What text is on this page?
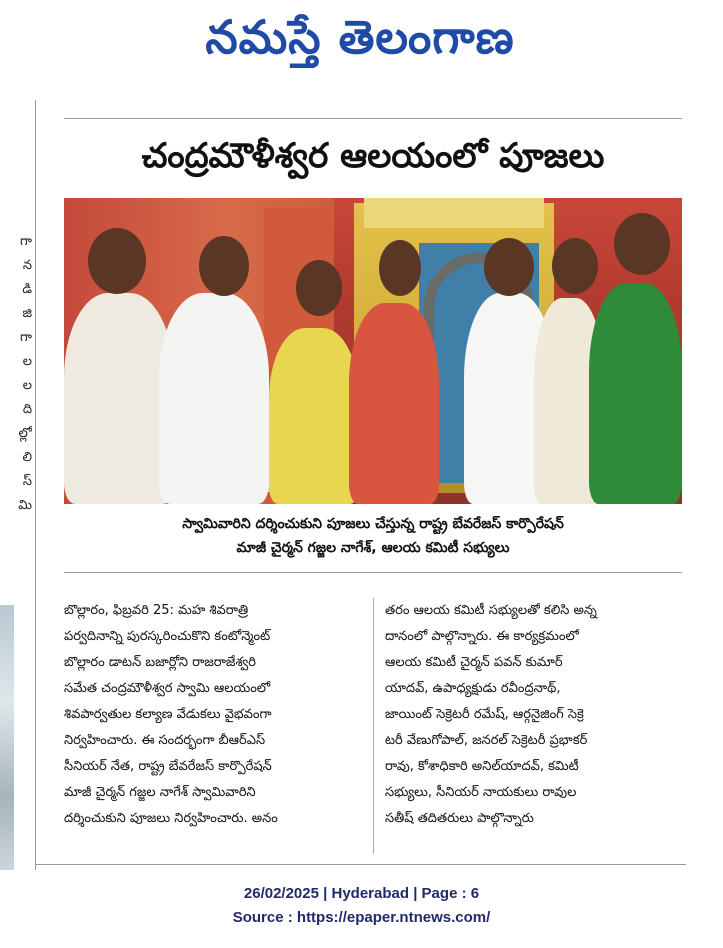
నమస్తే తెలంగాణ
గా
న
డి
జి
గా
ల
ల
ది
ల్లో
లి
స్
మి
చంద్రమౌళీశ్వర ఆలయంలో పూజలు
స్వామివారిని దర్శించుకుని పూజలు చేస్తున్న రాష్ట్ర బేవరేజస్‌ కార్పొరేషన్‌
మాజీ చైర్మన్‌ గజ్జల నాగేశ్‌, ఆలయ కమిటీ సభ్యులు
బొల్లారం, ఫిబ్రవరి 25: మహ శివరాత్రి
పర్వదినాన్ని పురస్కరించుకొని కంటోన్మెంట్‌
బొల్లారం డాటన్‌ బజార్లోని రాజరాజేశ్వరి
సమేత చంద్రమౌళీశ్వర స్వామి ఆలయంలో
శివపార్వతుల కల్యాణ వేడుకలు వైభవంగా
నిర్వహించారు. ఈ సందర్భంగా బీఆర్‌ఎస్‌
సీనియర్‌ నేత, రాష్ట్ర బేవరేజస్‌ కార్పొరేషన్‌
మాజీ చైర్మన్‌ గజ్జల నాగేశ్‌ స్వామివారిని
దర్శించుకుని పూజలు నిర్వహించారు. అనం
తరం ఆలయ కమిటీ సభ్యులతో కలిసి అన్న
దానంలో పాల్గొన్నారు. ఈ కార్యక్రమంలో
ఆలయ కమిటీ చైర్మన్‌ పవన్‌ కుమార్‌
యాదవ్‌, ఉపాధ్యక్షుడు రవీంద్రనాథ్‌,
జాయింట్‌ సెక్రెటరీ రమేష్‌, ఆర్గనైజింగ్‌ సెక్రె
టరీ వేణుగోపాల్‌, జనరల్‌ సెక్రెటరీ ప్రభాకర్‌
రావు, కోశాధికారి అనిల్‌యాదవ్‌, కమిటీ
సభ్యులు, సీనియర్‌ నాయకులు రావుల
సతీష్‌ తదితరులు పాల్గొన్నారు
26/02/2025 | Hyderabad | Page : 6
Source : https://epaper.ntnews.com/
